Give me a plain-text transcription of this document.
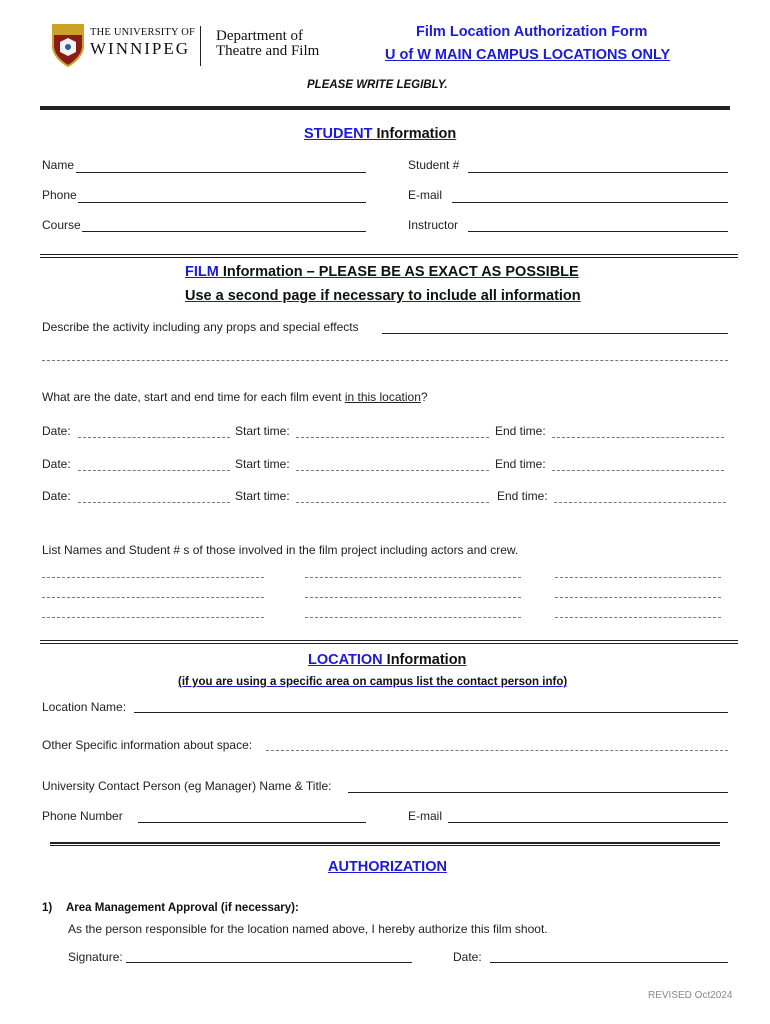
THE UNIVERSITY OF
WINNIPEG
Department of
Theatre and Film
Film Location Authorization Form
U of W MAIN CAMPUS LOCATIONS ONLY
PLEASE WRITE LEGIBLY.
STUDENT Information
Name	Student #
Phone	E-mail
Course	Instructor
FILM Information – PLEASE BE AS EXACT AS POSSIBLE
Use a second page if necessary to include all information
Describe the activity including any props and special effects
What are the date, start and end time for each film event in this location?
Date:	Start time:	End time:
Date:	Start time:	End time:
Date:	Start time:	End time:
List Names and Student # s of those involved in the film project including actors and crew.
LOCATION Information
(if you are using a specific area on campus list the contact person info)
Location Name:
Other Specific information about space:
University Contact Person (eg Manager) Name & Title:
Phone Number	E-mail
AUTHORIZATION
1) Area Management Approval (if necessary):
As the person responsible for the location named above, I hereby authorize this film shoot.
Signature:	Date:
REVISED Oct2024
